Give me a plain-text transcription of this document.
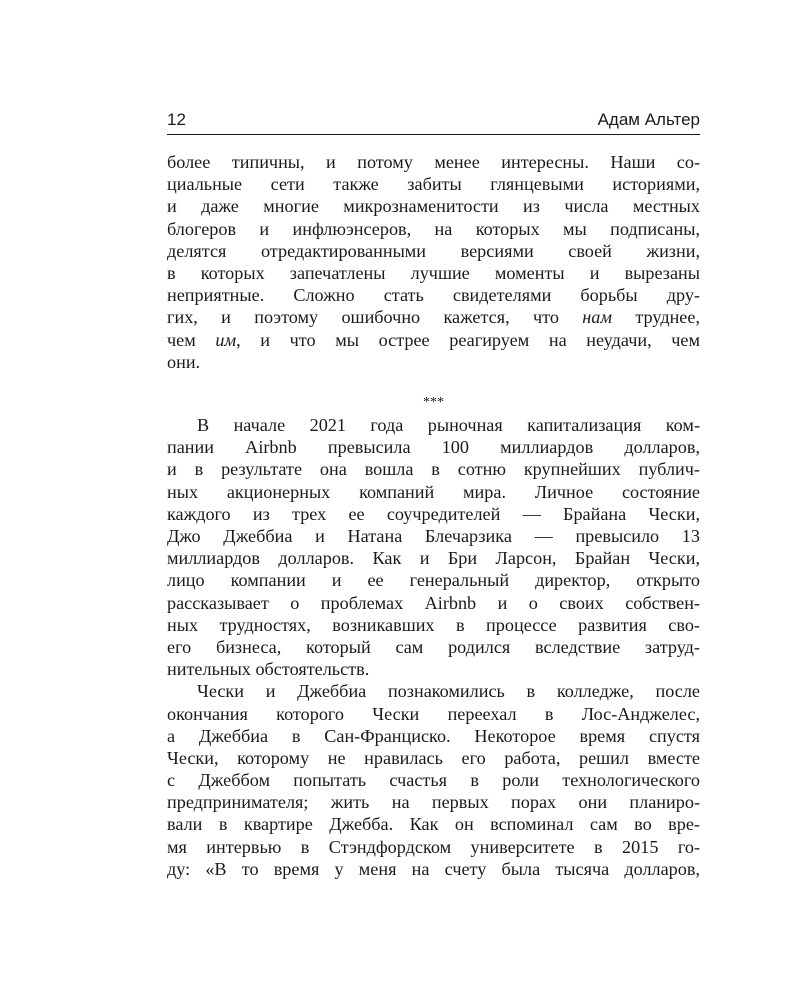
12	Адам Альтер
более типичны, и потому менее интересны. Наши со-
циальные сети также забиты глянцевыми историями,
и даже многие микрознаменитости из числа местных
блогеров и инфлюэнсеров, на которых мы подписаны,
делятся отредактированными версиями своей жизни,
в которых запечатлены лучшие моменты и вырезаны
неприятные. Сложно стать свидетелями борьбы дру-
гих, и поэтому ошибочно кажется, что нам труднее,
чем им, и что мы острее реагируем на неудачи, чем
они.
***
В начале 2021 года рыночная капитализация ком-
пании Airbnb превысила 100 миллиардов долларов,
и в результате она вошла в сотню крупнейших публич-
ных акционерных компаний мира. Личное состояние
каждого из трех ее соучредителей — Брайана Чески,
Джо Джеббиа и Натана Блечарзика — превысило 13
миллиардов долларов. Как и Бри Ларсон, Брайан Чески,
лицо компании и ее генеральный директор, открыто
рассказывает о проблемах Airbnb и о своих собствен-
ных трудностях, возникавших в процессе развития сво-
его бизнеса, который сам родился вследствие затруд-
нительных обстоятельств.
Чески и Джеббиа познакомились в колледже, после
окончания которого Чески переехал в Лос-Анджелес,
а Джеббиа в Сан-Франциско. Некоторое время спустя
Чески, которому не нравилась его работа, решил вместе
с Джеббом попытать счастья в роли технологического
предпринимателя; жить на первых порах они планиро-
вали в квартире Джебба. Как он вспоминал сам во вре-
мя интервью в Стэндфордском университете в 2015 го-
ду: «В то время у меня на счету была тысяча долларов,
